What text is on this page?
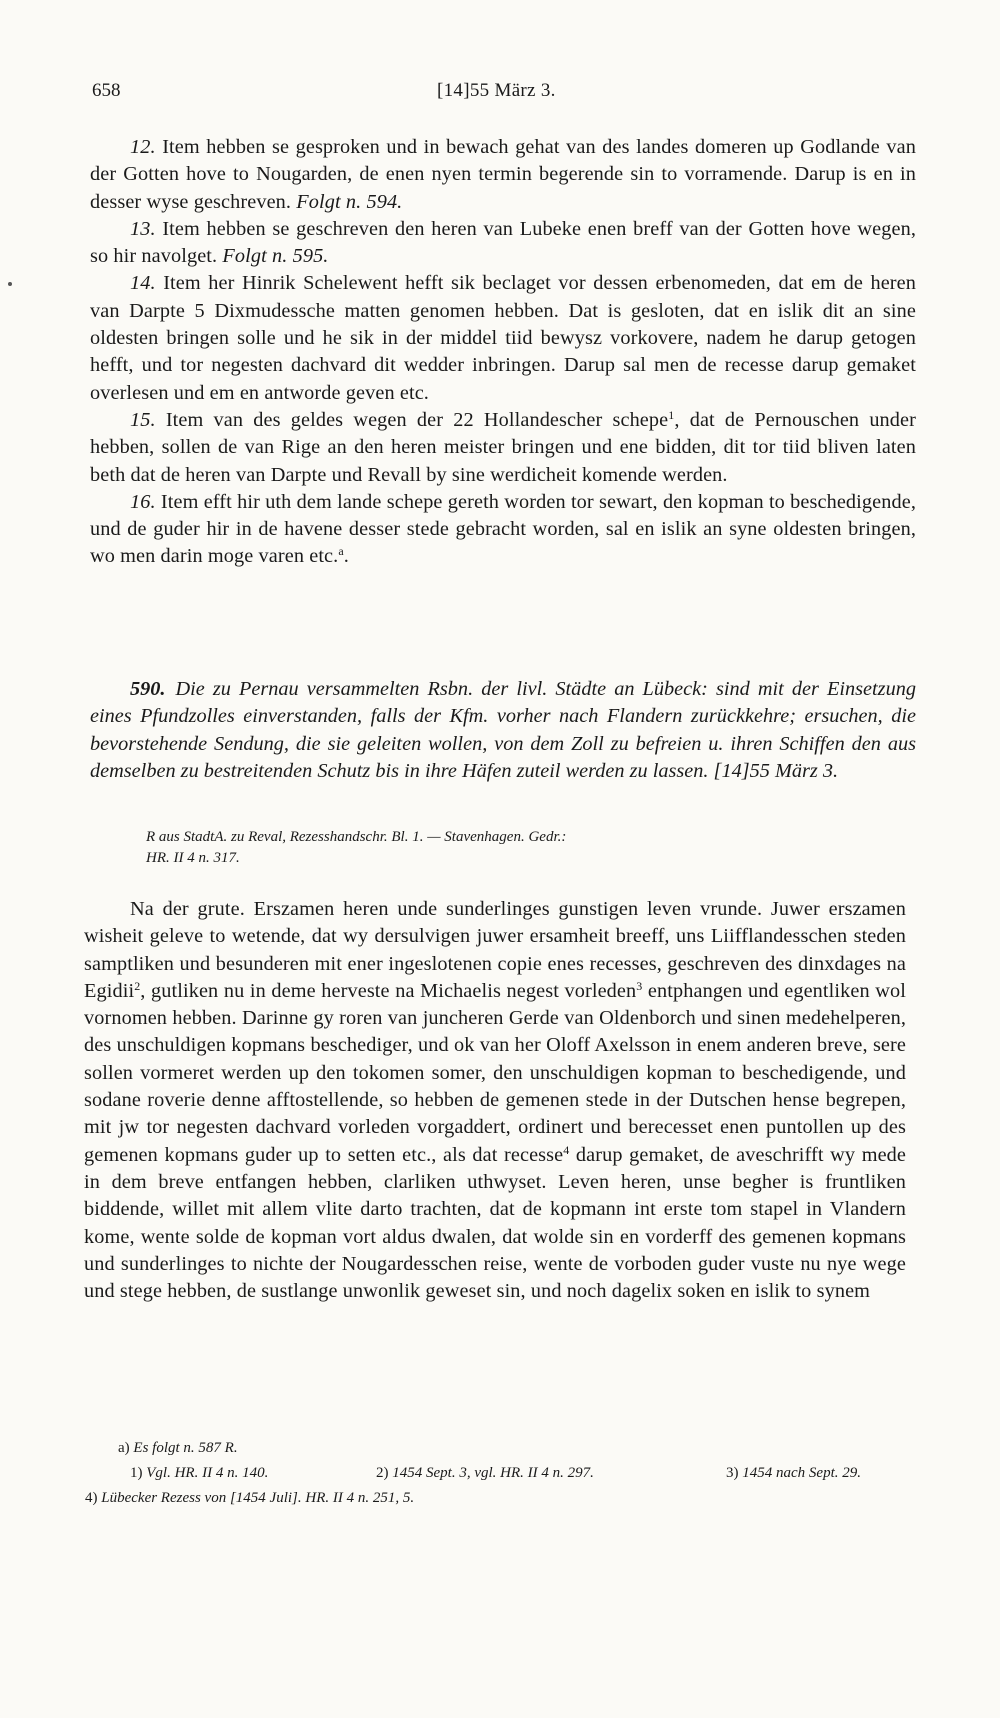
658	[14]55 März 3.

12. Item hebben se gesproken und in bewach gehat van des landes domeren up Godlande van der Gotten hove to Nougarden, de enen nyen termin begerende sin to vorramende. Darup is en in desser wyse geschreven. Folgt n. 594.

13. Item hebben se geschreven den heren van Lubeke enen breff van der Gotten hove wegen, so hir navolget. Folgt n. 595.

14. Item her Hinrik Schelewent hefft sik beclaget vor dessen erbenomeden, dat em de heren van Darpte 5 Dixmudessche matten genomen hebben. Dat is gesloten, dat en islik dit an sine oldesten bringen solle und he sik in der middel tiid bewysz vorkovere, nadem he darup getogen hefft, und tor negesten dachvard dit wedder inbringen. Darup sal men de recesse darup gemaket overlesen und em en antworde geven etc.

15. Item van des geldes wegen der 22 Hollandescher schepe$^1$, dat de Pernouschen under hebben, sollen de van Rige an den heren meister bringen und ene bidden, dit tor tiid bliven laten beth dat de heren van Darpte und Revall by sine werdicheit komende werden.

16. Item efft hir uth dem lande schepe gereth worden tor sewart, den kopman to beschedigende, und de guder hir in de havene desser stede gebracht worden, sal en islik an syne oldesten bringen, wo men darin moge varen etc.$^a$.

590. Die zu Pernau versammelten Rsbn. der livl. Städte an Lübeck: sind mit der Einsetzung eines Pfundzolles einverstanden, falls der Kfm. vorher nach Flandern zurückkehre; ersuchen, die bevorstehende Sendung, die sie geleiten wollen, von dem Zoll zu befreien u. ihren Schiffen den aus demselben zu bestreitenden Schutz bis in ihre Häfen zuteil werden zu lassen. [14]55 März 3.
R aus StadtA. zu Reval, Rezesshandschr. Bl. 1. — Stavenhagen. Gedr.:
HR. II 4 n. 317.

Na der grute. Erszamen heren unde sunderlinges gunstigen leven vrunde. Juwer erszamen wisheit geleve to wetende, dat wy dersulvigen juwer ersamheit breeff, uns Liifflandesschen steden samptliken und besunderen mit ener ingeslotenen copie enes recesses, geschreven des dinxdages na Egidii$^2$, gutliken nu in deme herveste na Michaelis negest vorleden$^3$ entphangen und egentliken wol vornomen hebben. Darinne gy roren van juncheren Gerde van Oldenborch und sinen medehelperen, des unschuldigen kopmans beschediger, und ok van her Oloff Axelsson in enem anderen breve, sere sollen vormeret werden up den tokomen somer, den unschuldigen kopman to beschedigende, und sodane roverie denne afftostellende, so hebben de gemenen stede in der Dutschen hense begrepen, mit jw tor negesten dachvard vorleden vorgaddert, ordinert und berecesset enen puntollen up des gemenen kopmans guder up to setten etc., als dat recesse$^4$ darup gemaket, de aveschrifft wy mede in dem breve entfangen hebben, clarliken uthwyset. Leven heren, unse begher is fruntliken biddende, willet mit allem vlite darto trachten, dat de kopmann int erste tom stapel in Vlandern kome, wente solde de kopman vort aldus dwalen, dat wolde sin en vorderff des gemenen kopmans und sunderlinges to nichte der Nougardesschen reise, wente de vorboden guder vuste nu nye wege und stege hebben, de sustlange unwonlik geweset sin, und noch dagelix soken en islik to synem

a) Es folgt n. 587 R.
1) Vgl. HR. II 4 n. 140.	2) 1454 Sept. 3, vgl. HR. II 4 n. 297.	3) 1454 nach Sept. 29.
4) Lübecker Rezess von [1454 Juli]. HR. II 4 n. 251, 5.
